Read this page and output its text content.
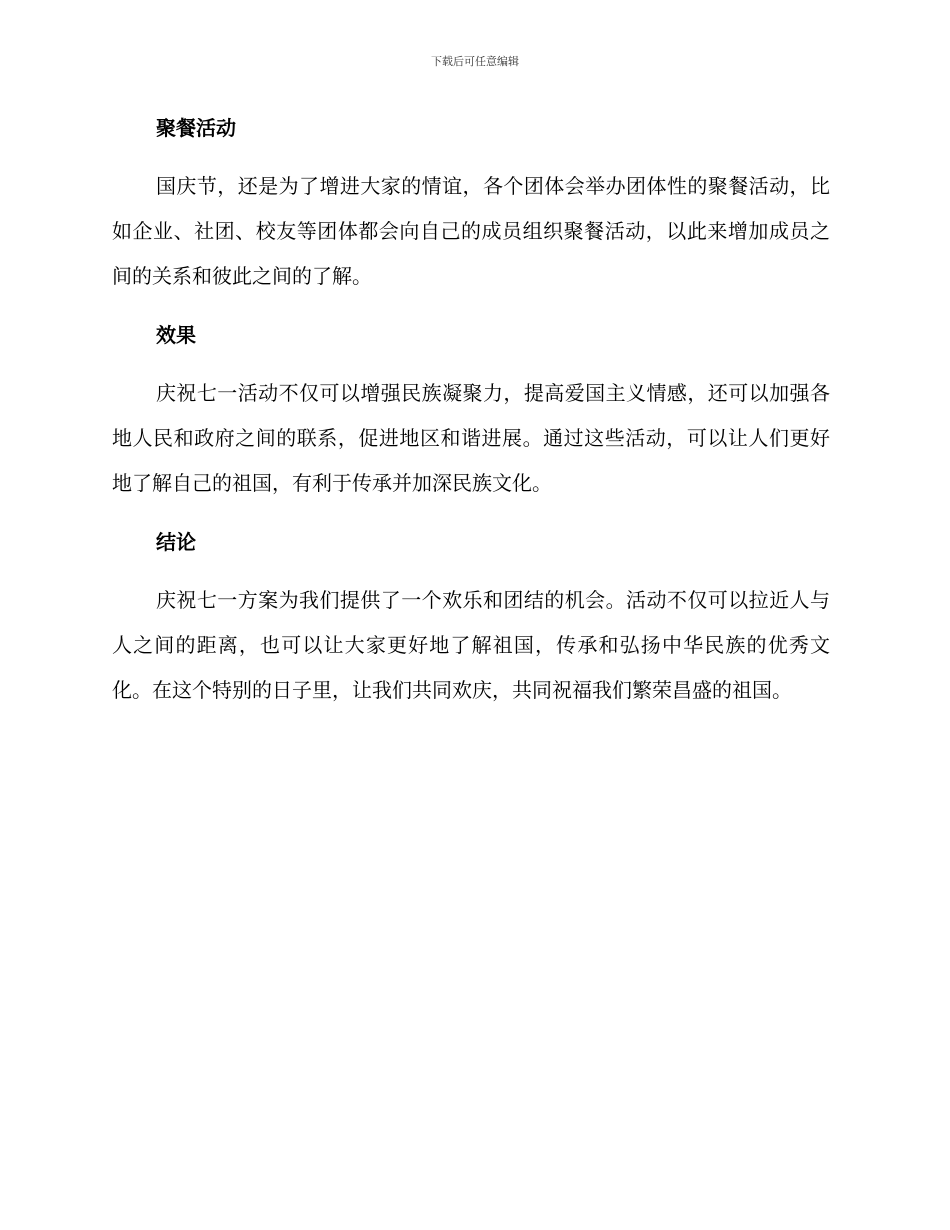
下载后可任意编辑
聚餐活动

国庆节，还是为了增进大家的情谊，各个团体会举办团体性的聚餐活动，比如企业、社团、校友等团体都会向自己的成员组织聚餐活动，以此来增加成员之间的关系和彼此之间的了解。

效果

庆祝七一活动不仅可以增强民族凝聚力，提高爱国主义情感，还可以加强各地人民和政府之间的联系，促进地区和谐进展。通过这些活动，可以让人们更好地了解自己的祖国，有利于传承并加深民族文化。

结论

庆祝七一方案为我们提供了一个欢乐和团结的机会。活动不仅可以拉近人与人之间的距离，也可以让大家更好地了解祖国，传承和弘扬中华民族的优秀文化。在这个特别的日子里，让我们共同欢庆，共同祝福我们繁荣昌盛的祖国。
